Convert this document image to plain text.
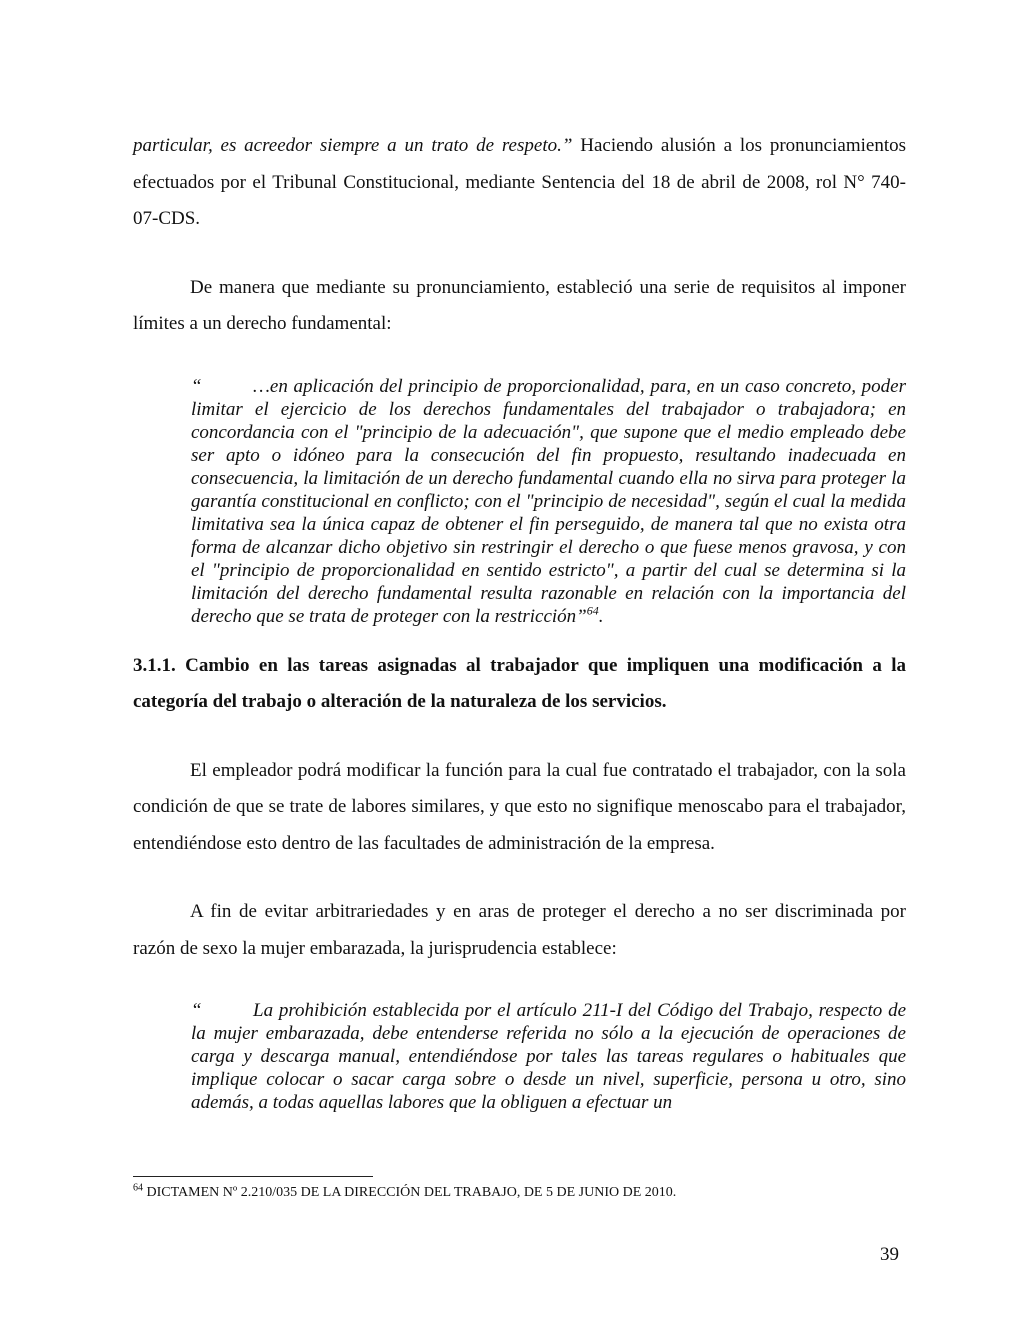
particular, es acreedor siempre a un trato de respeto.” Haciendo alusión a los pronunciamientos efectuados por el Tribunal Constitucional, mediante Sentencia del 18 de abril de 2008, rol N° 740-07-CDS.

De manera que mediante su pronunciamiento, estableció una serie de requisitos al imponer límites a un derecho fundamental:

“	…en aplicación del principio de proporcionalidad, para, en un caso concreto, poder limitar el ejercicio de los derechos fundamentales del trabajador o trabajadora; en concordancia con el "principio de la adecuación", que supone que el medio empleado debe ser apto o idóneo para la consecución del fin propuesto, resultando inadecuada en consecuencia, la limitación de un derecho fundamental cuando ella no sirva para proteger la garantía constitucional en conflicto; con el "principio de necesidad", según el cual la medida limitativa sea la única capaz de obtener el fin perseguido, de manera tal que no exista otra forma de alcanzar dicho objetivo sin restringir el derecho o que fuese menos gravosa, y con el "principio de proporcionalidad en sentido estricto", a partir del cual se determina si la limitación del derecho fundamental resulta razonable en relación con la importancia del derecho que se trata de proteger con la restricción”$^{64}$.

3.1.1. Cambio en las tareas asignadas al trabajador que impliquen una modificación a la categoría del trabajo o alteración de la naturaleza de los servicios.

El empleador podrá modificar la función para la cual fue contratado el trabajador, con la sola condición de que se trate de labores similares, y que esto no signifique menoscabo para el trabajador, entendiéndose esto dentro de las facultades de administración de la empresa.

A fin de evitar arbitrariedades y en aras de proteger el derecho a no ser discriminada por razón de sexo la mujer embarazada, la jurisprudencia establece:

“	La prohibición establecida por el artículo 211-I del Código del Trabajo, respecto de la mujer embarazada, debe entenderse referida no sólo a la ejecución de operaciones de carga y descarga manual, entendiéndose por tales las tareas regulares o habituales que implique colocar o sacar carga sobre o desde un nivel, superficie, persona u otro, sino además, a todas aquellas labores que la obliguen a efectuar un

$^{64}$ DICTAMEN Nº 2.210/035 DE LA DIRECCIÓN DEL TRABAJO, DE 5 DE JUNIO DE 2010.
39
